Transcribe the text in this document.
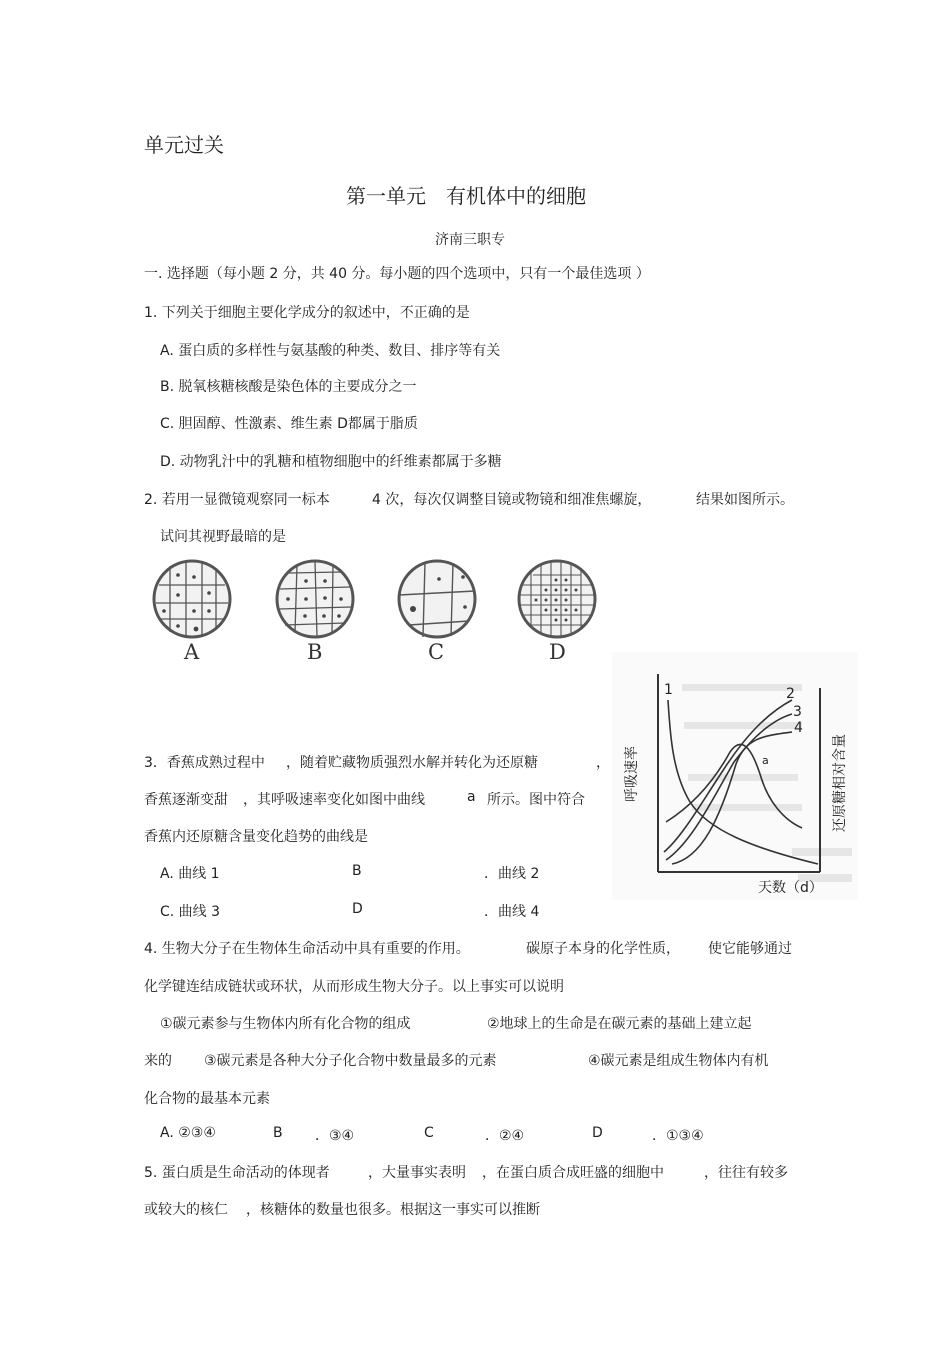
单元过关
第一单元　有机体中的细胞
济南三职专
一. 选择题（每小题 2 分，共 40 分。每小题的四个选项中，只有一个最佳选项 ）
1. 下列关于细胞主要化学成分的叙述中，不正确的是
A. 蛋白质的多样性与氨基酸的种类、数目、排序等有关
B. 脱氧核糖核酸是染色体的主要成分之一
C. 胆固醇、性激素、维生素 D都属于脂质
D. 动物乳汁中的乳糖和植物细胞中的纤维素都属于多糖
2. 若用一显微镜观察同一标本	4 次，每次仅调整目镜或物镜和细准焦螺旋，	结果如图所示。
试问其视野最暗的是
A	B	C	D
3．香蕉成熟过程中 ，随着贮藏物质强烈水解并转化为还原糖	，
香蕉逐渐变甜 ，其呼吸速率变化如图中曲线	a 所示。图中符合
香蕉内还原糖含量变化趋势的曲线是
A. 曲线 1	B	．曲线 2
C. 曲线 3	D	．曲线 4
1	2
3
4
a
呼吸速率	还原糖相对含量
天数（d）
4. 生物大分子在生物体生命活动中具有重要的作用。	碳原子本身的化学性质， 使它能够通过
化学键连结成链状或环状，从而形成生物大分子。以上事实可以说明
①碳元素参与生物体内所有化合物的组成	②地球上的生命是在碳元素的基础上建立起
来的 ③碳元素是各种大分子化合物中数量最多的元素	④碳元素是组成生物体内有机
化合物的最基本元素
A. ②③④	B ．③④	C	．②④	D	．①③④
5. 蛋白质是生命活动的体现者	，大量事实表明 ，在蛋白质合成旺盛的细胞中	，往往有较多
或较大的核仁 ，核糖体的数量也很多。根据这一事实可以推断
